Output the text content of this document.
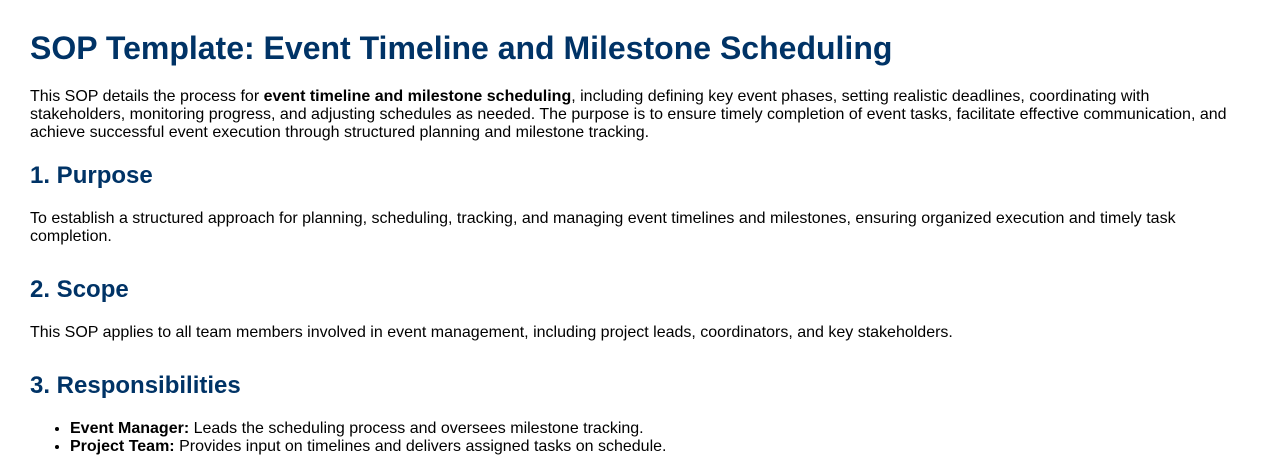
SOP Template: Event Timeline and Milestone Scheduling

This SOP details the process for event timeline and milestone scheduling, including defining key event phases, setting realistic deadlines, coordinating with stakeholders, monitoring progress, and adjusting schedules as needed. The purpose is to ensure timely completion of event tasks, facilitate effective communication, and achieve successful event execution through structured planning and milestone tracking.

1. Purpose

To establish a structured approach for planning, scheduling, tracking, and managing event timelines and milestones, ensuring organized execution and timely task completion.

2. Scope

This SOP applies to all team members involved in event management, including project leads, coordinators, and key stakeholders.

3. Responsibilities
• Event Manager: Leads the scheduling process and oversees milestone tracking.
• Project Team: Provides input on timelines and delivers assigned tasks on schedule.
